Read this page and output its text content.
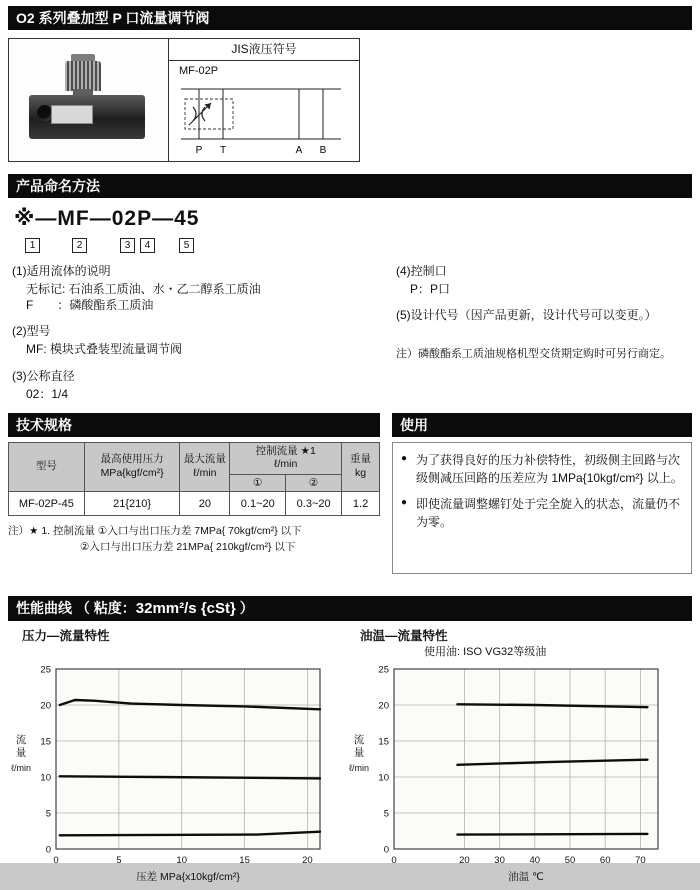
O2 系列叠加型 P 口流量调节阀
JIS液压符号
MF-02P
P T	A B
产品命名方法
※—MF—02P—45
1	2	3	4	5
(1)适用流体的说明
无标记: 石油系工质油、水・乙二醇系工质油
F　　：磷酸酯系工质油
(2)型号
MF: 模块式叠装型流量调节阀
(3)公称直径
02：1/4
(4)控制口
P：P口
(5)设计代号（因产品更新，设计代号可以变更。）
注）磷酸酯系工质油规格机型交货期定购时可另行商定。
技术规格	使用
型号	最高使用压力
MPa{kgf/cm²}	最大流量
ℓ/min	控制流量 ★1
ℓ/min		重量
kg

			①	②	
MF-02P-45	21{210}	20	0.1~20	0.3~20	1.2
注）★ 1. 控制流量 ①入口与出口压力差 7MPa{ 70kgf/cm²} 以下
②入口与出口压力差 21MPa{ 210kgf/cm²} 以下
● 为了获得良好的压力补偿特性，初级侧主回路与次级侧减压回路的压差应为 1MPa{10kgf/cm²} 以上。
● 即使流量调整螺钉处于完全旋入的状态，流量仍不为零。
性能曲线 （ 粘度：32mm²/s {cSt} ）
压力—流量特性
0	5	10	15	20
0
5
10
15
20
25
压差 MPa{x10kgf/cm²}
流
量
ℓ/min
油温—流量特性
使用油: ISO VG32等级油
0	20	30	40	50	60	70
0
5
10
15
20
25
油温 ℃
流
量
ℓ/min
